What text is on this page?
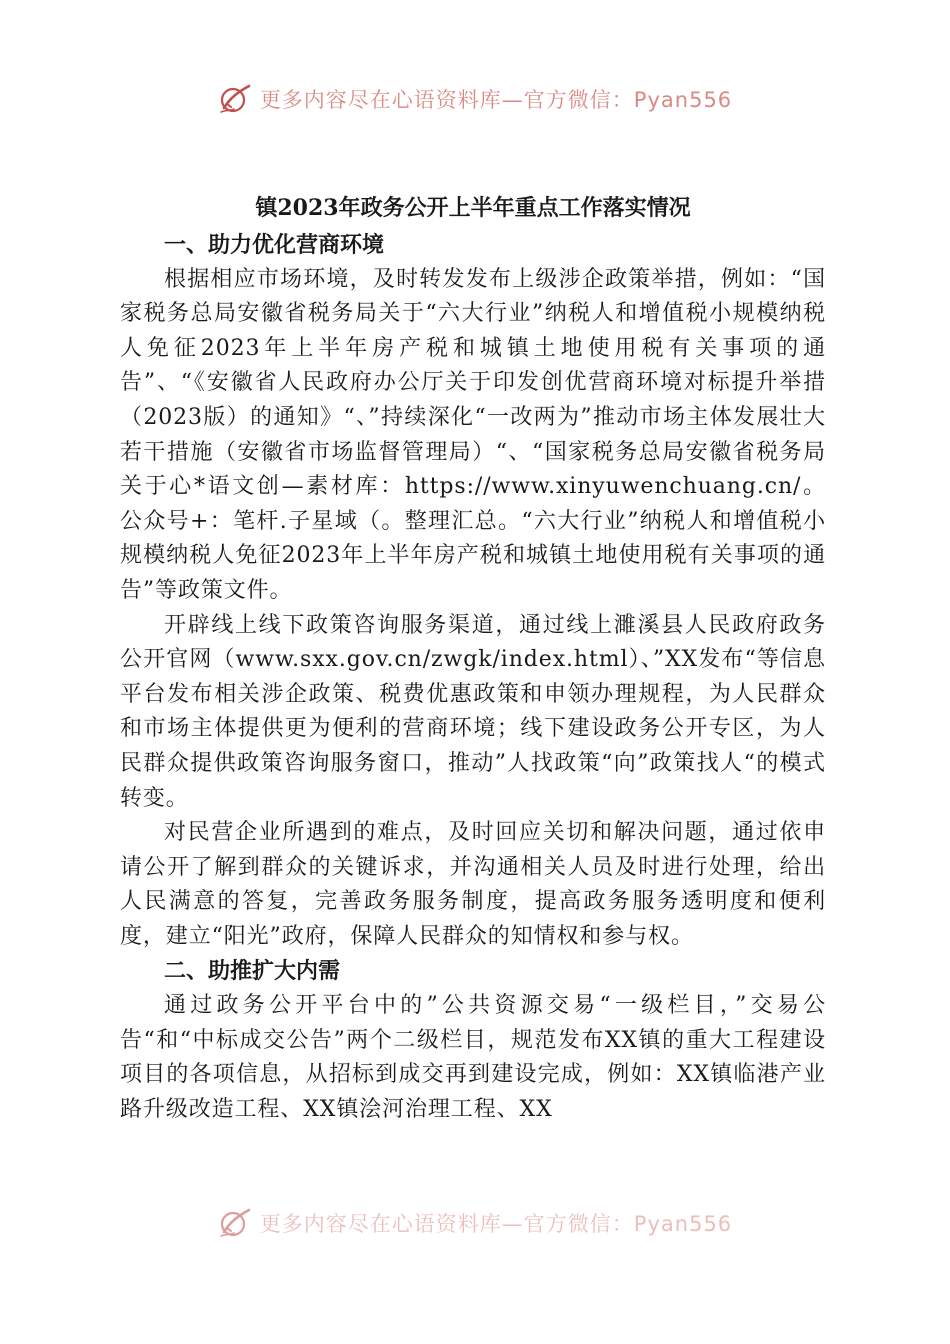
更多内容尽在心语资料库—官方微信：Pyan556
镇2023年政务公开上半年重点工作落实情况
一、助力优化营商环境

根据相应市场环境，及时转发发布上级涉企政策举措，例如：“国家税务总局安徽省税务局关于“六大行业”纳税人和增值税小规模纳税人免征2023年上半年房产税和城镇土地使用税有关事项的通告”、“《安徽省人民政府办公厅关于印发创优营商环境对标提升举措（2023版）的通知》“、”持续深化“一改两为”推动市场主体发展壮大若干措施（安徽省市场监督管理局）“、“国家税务总局安徽省税务局关于心*语文创—素材库：https://www.xinyuwenchuang.cn/。公众号+：笔杆.子星域（。整理汇总。“六大行业”纳税人和增值税小规模纳税人免征2023年上半年房产税和城镇土地使用税有关事项的通告”等政策文件。

开辟线上线下政策咨询服务渠道，通过线上濉溪县人民政府政务公开官网（www.sxx.gov.cn/zwgk/index.html）、”XX发布“等信息平台发布相关涉企政策、税费优惠政策和申领办理规程，为人民群众和市场主体提供更为便利的营商环境；线下建设政务公开专区，为人民群众提供政策咨询服务窗口，推动”人找政策“向”政策找人“的模式转变。

对民营企业所遇到的难点，及时回应关切和解决问题，通过依申请公开了解到群众的关键诉求，并沟通相关人员及时进行处理，给出人民满意的答复，完善政务服务制度，提高政务服务透明度和便利度，建立“阳光”政府，保障人民群众的知情权和参与权。

二、助推扩大内需

通过政务公开平台中的”公共资源交易“一级栏目，”交易公告“和“中标成交公告”两个二级栏目，规范发布XX镇的重大工程建设项目的各项信息，从招标到成交再到建设完成，例如：XX镇临港产业路升级改造工程、XX镇浍河治理工程、XX

更多内容尽在心语资料库—官方微信：Pyan556
